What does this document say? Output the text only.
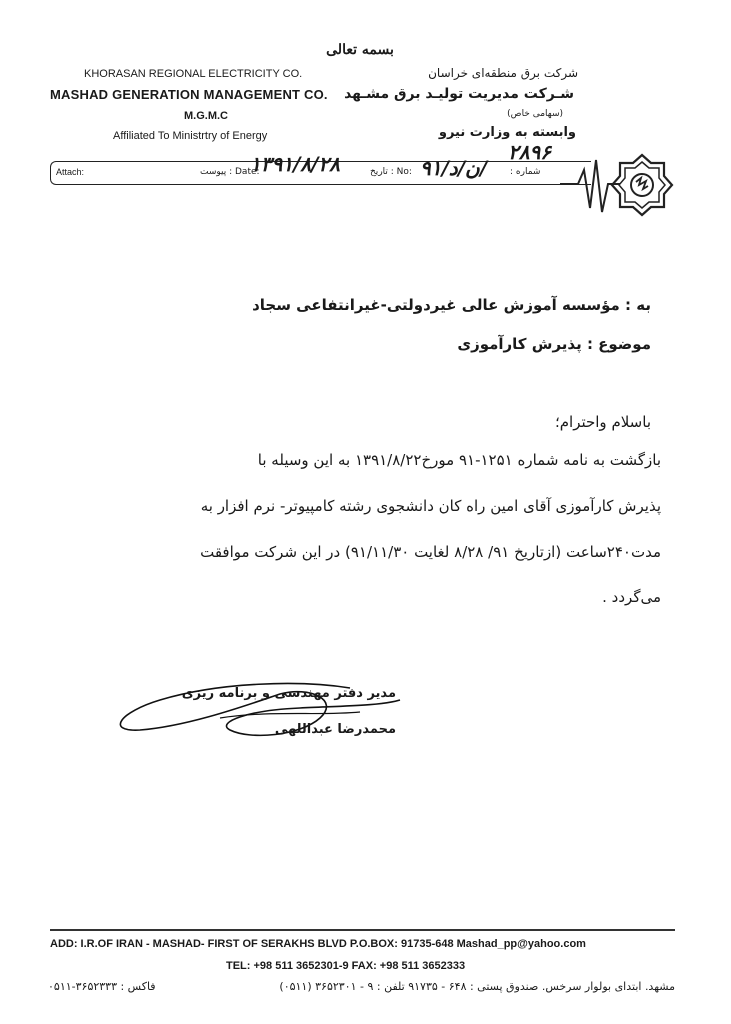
بسمه تعالی
KHORASAN REGIONAL ELECTRICITY CO.
MASHAD GENERATION MANAGEMENT CO.
M.G.M.C
Affiliated To Ministrtry of Energy
شرکت برق منطقه‌ای خراسان
شـرکت مدیریت تولیـد برق مشـهد
(سهامی خاص)
وابسته به وزارت نیرو
Attach:	پیوست : Date:	تاریخ : No:	شماره :
۱۳۹۱/۸/۲۸	۹۱/ن/د/
۲۸۹۶
به : مؤسسه آموزش عالی غیردولتی-غیرانتفاعی سجاد
موضوع : پذیرش کارآموزی
باسلام واحترام؛
بازگشت به نامه شماره ۱۲۵۱-۹۱ مورخ۱۳۹۱/۸/۲۲ به این وسیله با
پذیرش کارآموزی آقای امین راه کان دانشجوی رشته کامپیوتر- نرم افزار به
مدت۲۴۰ساعت (ازتاریخ ۹۱/ ۸/۲۸ لغایت ۹۱/۱۱/۳۰) در این شرکت موافقت
می‌گردد .
مدیر دفتر مهندسی و برنامه ریزی
محمدرضا عبداللهی
ADD: I.R.OF IRAN - MASHAD- FIRST OF SERAKHS BLVD P.O.BOX: 91735-648 Mashad_pp@yahoo.com
TEL: +98 511 3652301-9 FAX: +98 511 3652333
مشهد. ابتدای بولوار سرخس. صندوق پستی : ۶۴۸ - ۹۱۷۳۵ تلفن : ۹ - ۳۶۵۲۳۰۱ (۰۵۱۱)
فاکس : ۳۶۵۲۳۳۳-۰۵۱۱
